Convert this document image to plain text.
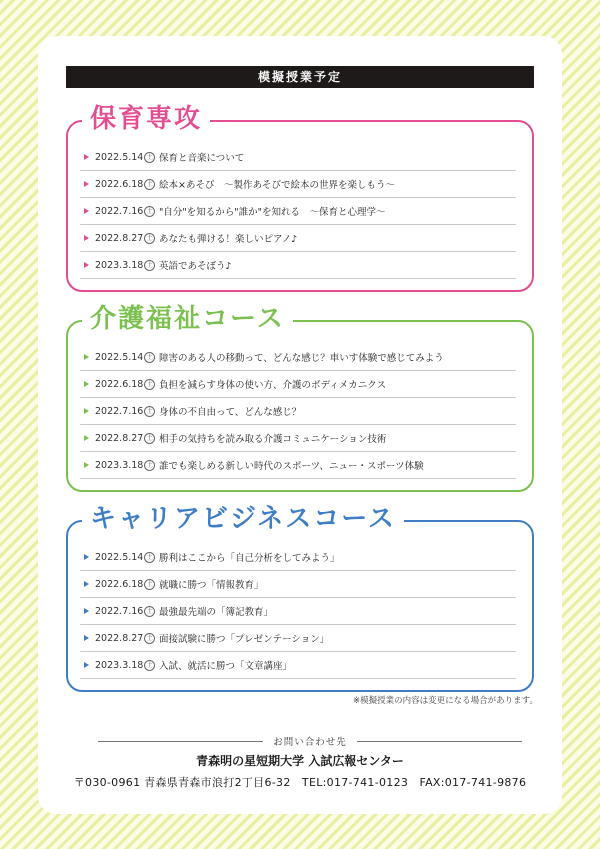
模擬授業予定
保育専攻
2022.5.14 土 保育と音楽について
2022.6.18 土 絵本×あそび　～製作あそびで絵本の世界を楽しもう～
2022.7.16 土 "自分"を知るから"誰か"を知れる　～保育と心理学～
2022.8.27 土 あなたも弾ける！楽しいピアノ♪
2023.3.18 土 英語であそぼう♪
介護福祉コース
2022.5.14 土 障害のある人の移動って、どんな感じ？車いす体験で感じてみよう
2022.6.18 土 負担を減らす身体の使い方、介護のボディメカニクス
2022.7.16 土 身体の不自由って、どんな感じ？
2022.8.27 土 相手の気持ちを読み取る介護コミュニケーション技術
2023.3.18 土 誰でも楽しめる新しい時代のスポーツ、ニュー・スポーツ体験
キャリアビジネスコース
2022.5.14 土 勝利はここから「自己分析をしてみよう」
2022.6.18 土 就職に勝つ「情報教育」
2022.7.16 土 最強最先端の「簿記教育」
2022.8.27 土 面接試験に勝つ「プレゼンテーション」
2023.3.18 土 入試、就活に勝つ「文章講座」
※模擬授業の内容は変更になる場合があります。
お問い合わせ先
青森明の星短期大学 入試広報センター
〒030-0961 青森県青森市浪打2丁目6-32　TEL:017-741-0123　FAX:017-741-9876
